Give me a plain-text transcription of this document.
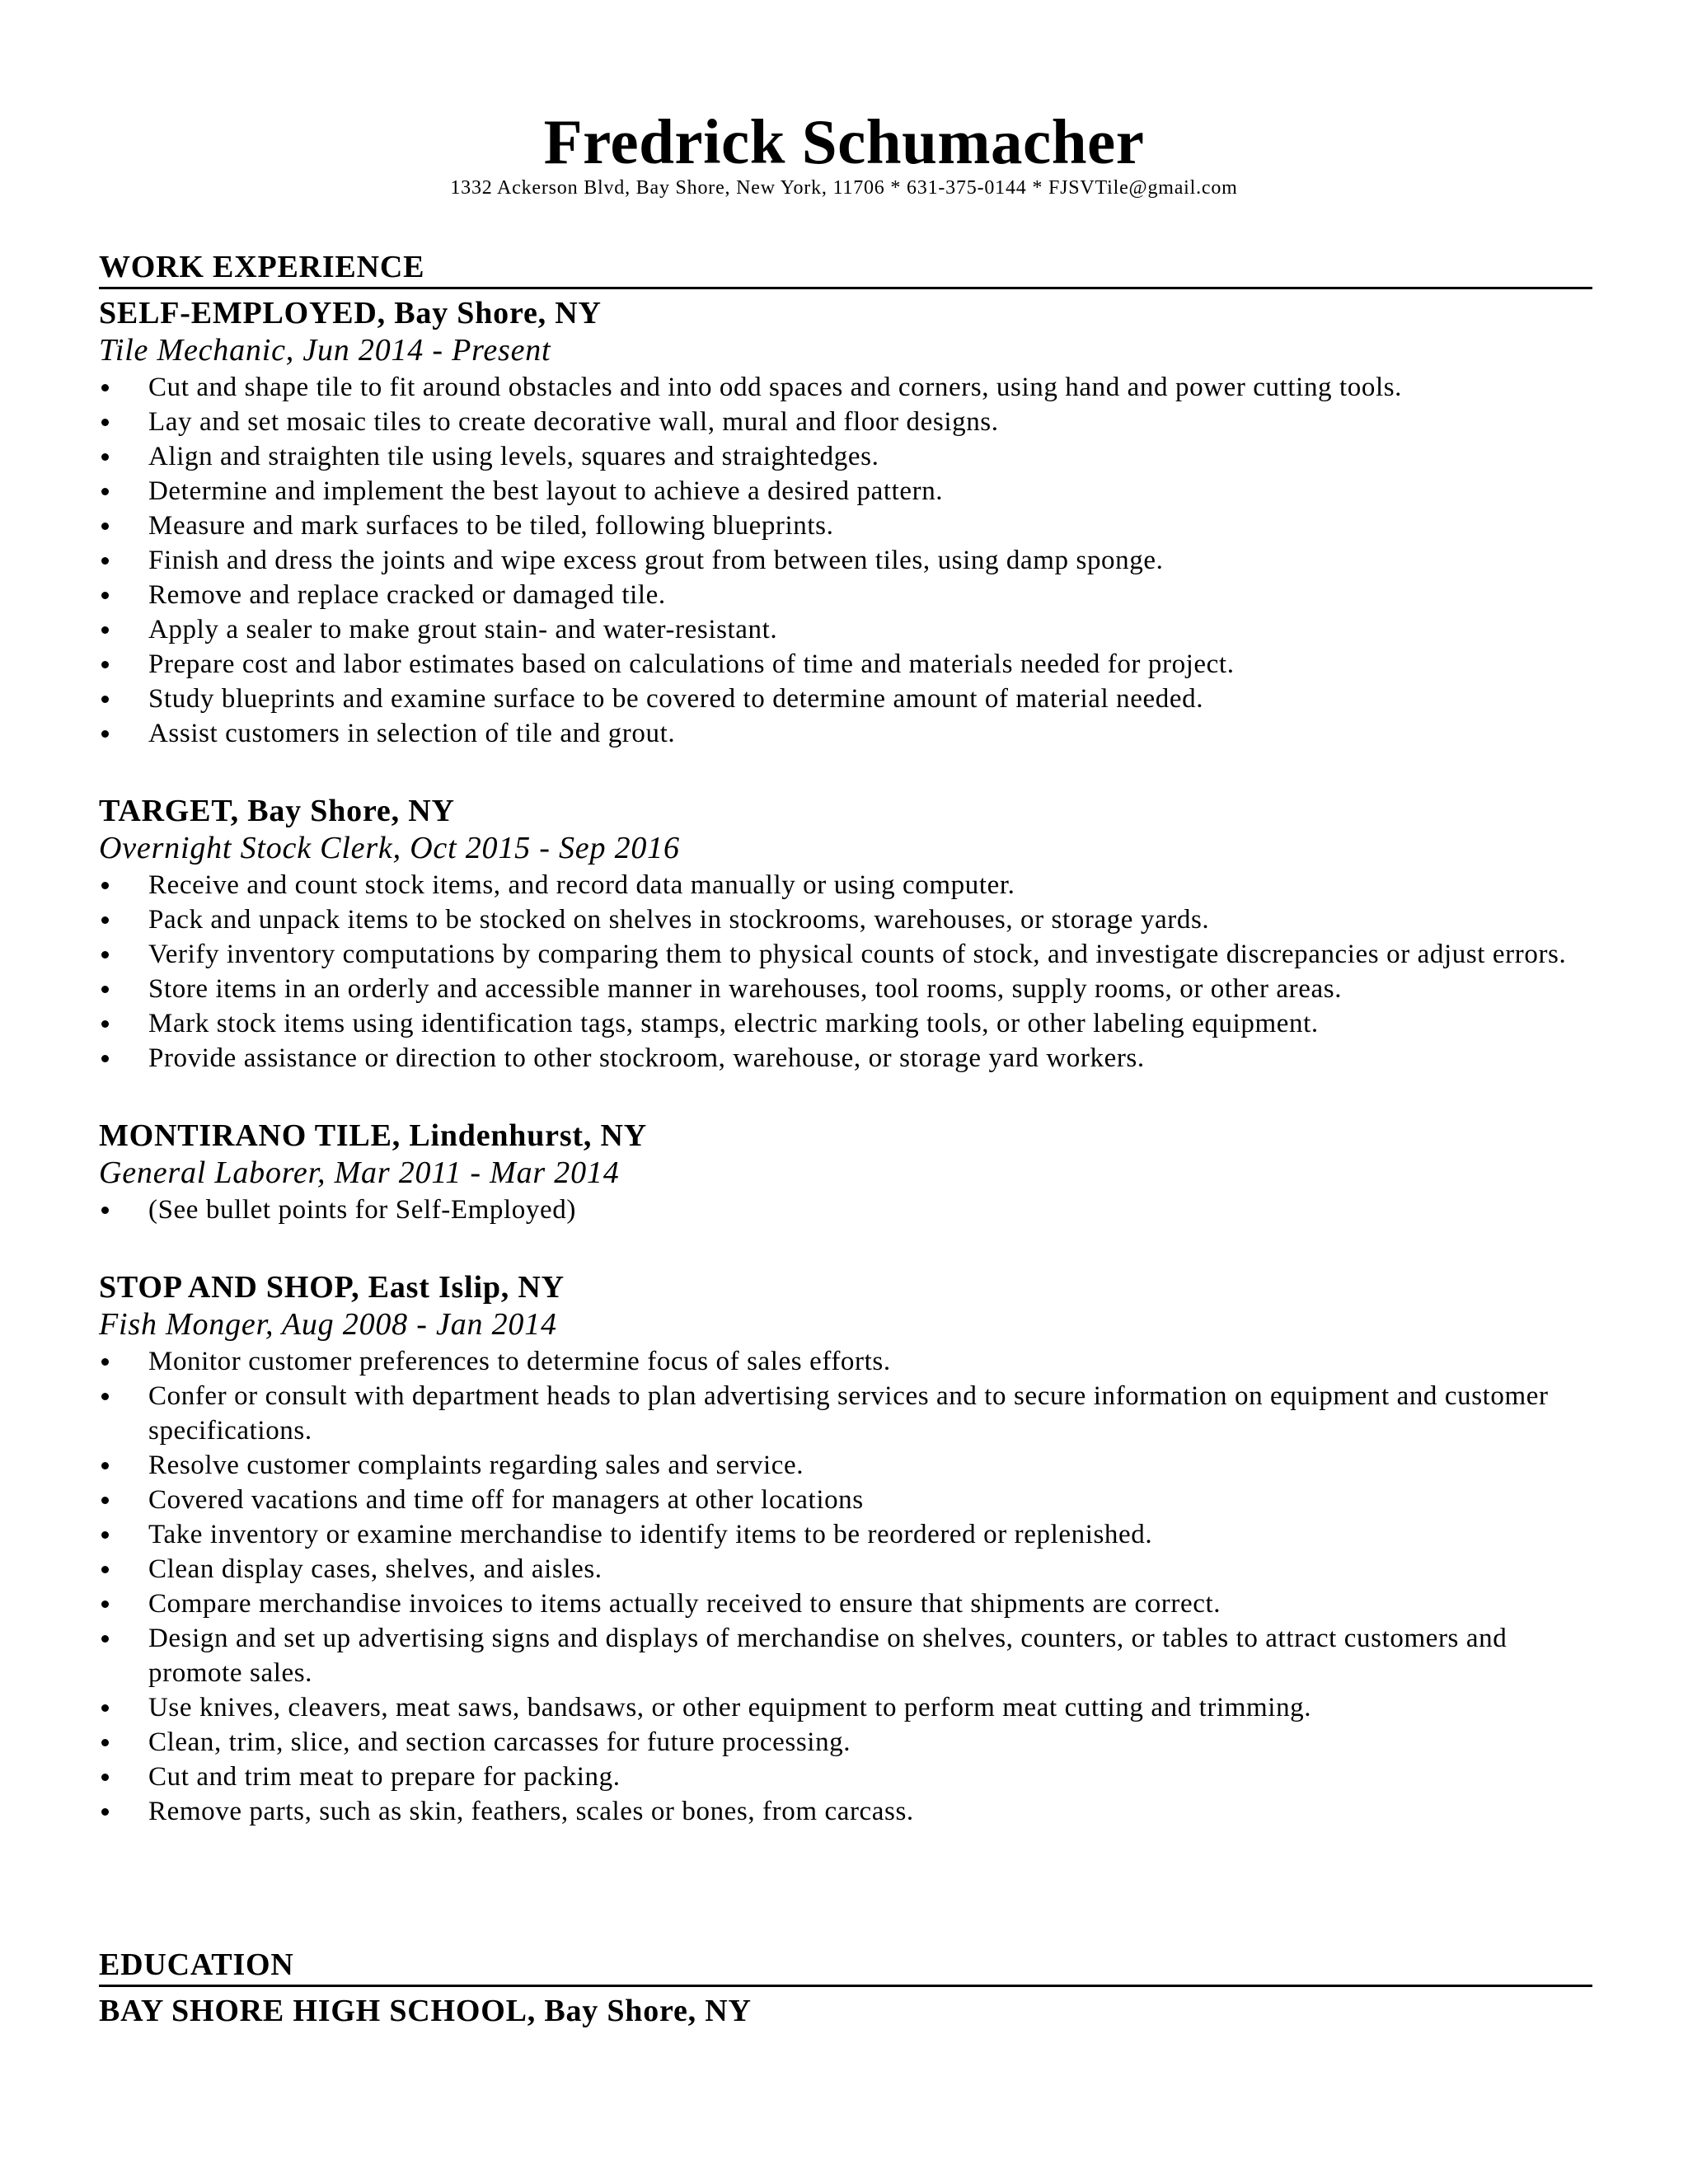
Fredrick Schumacher
1332 Ackerson Blvd, Bay Shore, New York, 11706 * 631-375-0144 * FJSVTile@gmail.com
WORK EXPERIENCE
SELF-EMPLOYED, Bay Shore, NY
Tile Mechanic, Jun 2014 - Present
Cut and shape tile to fit around obstacles and into odd spaces and corners, using hand and power cutting tools.
Lay and set mosaic tiles to create decorative wall, mural and floor designs.
Align and straighten tile using levels, squares and straightedges.
Determine and implement the best layout to achieve a desired pattern.
Measure and mark surfaces to be tiled, following blueprints.
Finish and dress the joints and wipe excess grout from between tiles, using damp sponge.
Remove and replace cracked or damaged tile.
Apply a sealer to make grout stain- and water-resistant.
Prepare cost and labor estimates based on calculations of time and materials needed for project.
Study blueprints and examine surface to be covered to determine amount of material needed.
Assist customers in selection of tile and grout.
TARGET, Bay Shore, NY
Overnight Stock Clerk, Oct 2015 - Sep 2016
Receive and count stock items, and record data manually or using computer.
Pack and unpack items to be stocked on shelves in stockrooms, warehouses, or storage yards.
Verify inventory computations by comparing them to physical counts of stock, and investigate discrepancies or adjust errors.
Store items in an orderly and accessible manner in warehouses, tool rooms, supply rooms, or other areas.
Mark stock items using identification tags, stamps, electric marking tools, or other labeling equipment.
Provide assistance or direction to other stockroom, warehouse, or storage yard workers.
MONTIRANO TILE, Lindenhurst, NY
General Laborer, Mar 2011 - Mar 2014
(See bullet points for Self-Employed)
STOP AND SHOP, East Islip, NY
Fish Monger, Aug 2008 - Jan 2014
Monitor customer preferences to determine focus of sales efforts.
Confer or consult with department heads to plan advertising services and to secure information on equipment and customer specifications.
Resolve customer complaints regarding sales and service.
Covered vacations and time off for managers at other locations
Take inventory or examine merchandise to identify items to be reordered or replenished.
Clean display cases, shelves, and aisles.
Compare merchandise invoices to items actually received to ensure that shipments are correct.
Design and set up advertising signs and displays of merchandise on shelves, counters, or tables to attract customers and promote sales.
Use knives, cleavers, meat saws, bandsaws, or other equipment to perform meat cutting and trimming.
Clean, trim, slice, and section carcasses for future processing.
Cut and trim meat to prepare for packing.
Remove parts, such as skin, feathers, scales or bones, from carcass.
EDUCATION
BAY SHORE HIGH SCHOOL, Bay Shore, NY
